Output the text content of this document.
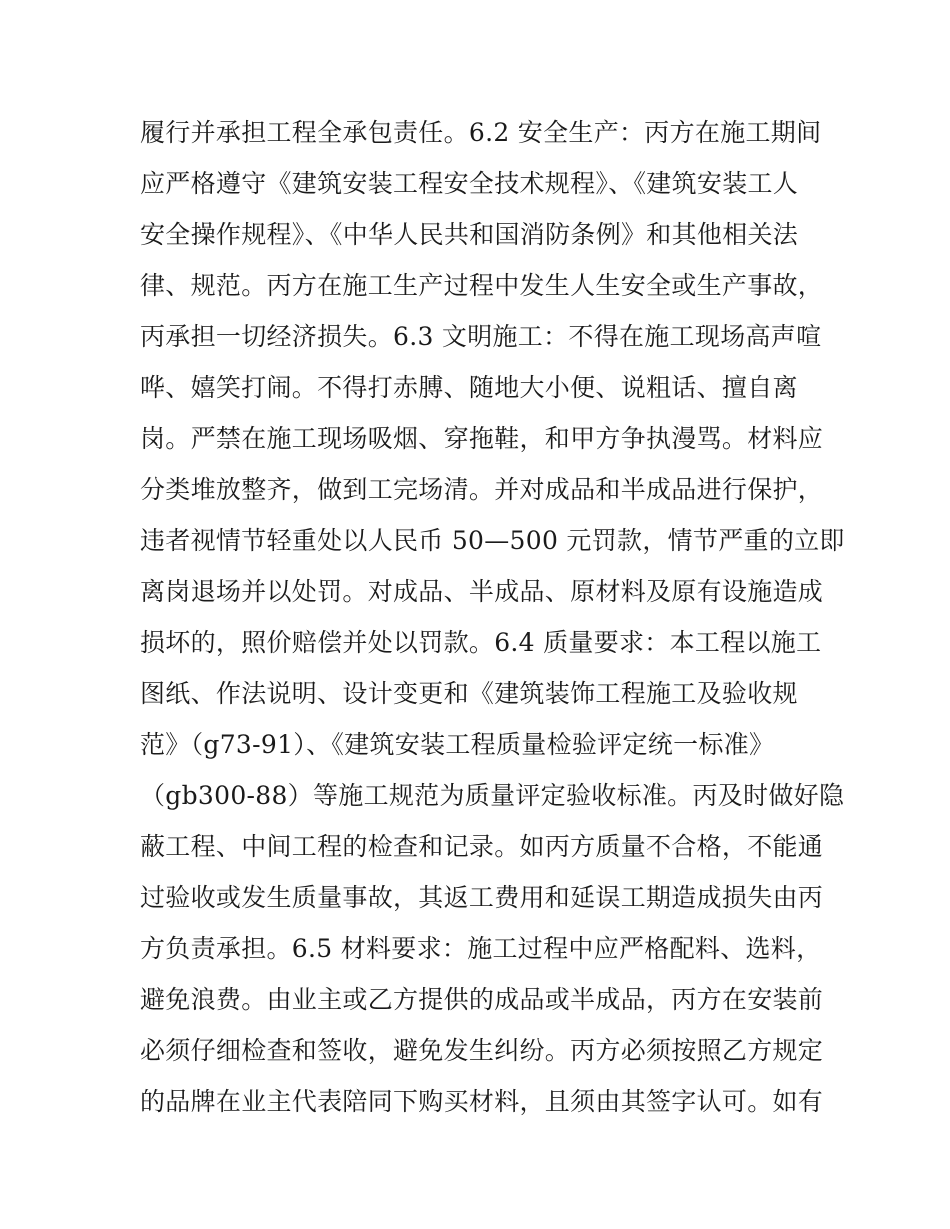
履行并承担工程全承包责任。6.2 安全生产：丙方在施工期间
应严格遵守《建筑安装工程安全技术规程》、《建筑安装工人
安全操作规程》、《中华人民共和国消防条例》和其他相关法
律、规范。丙方在施工生产过程中发生人生安全或生产事故，
丙承担一切经济损失。6.3 文明施工：不得在施工现场高声喧
哗、嬉笑打闹。不得打赤膊、随地大小便、说粗话、擅自离
岗。严禁在施工现场吸烟、穿拖鞋，和甲方争执漫骂。材料应
分类堆放整齐，做到工完场清。并对成品和半成品进行保护，
违者视情节轻重处以人民币 50—500 元罚款，情节严重的立即
离岗退场并以处罚。对成品、半成品、原材料及原有设施造成
损坏的，照价赔偿并处以罚款。6.4 质量要求：本工程以施工
图纸、作法说明、设计变更和《建筑装饰工程施工及验收规
范》（g73-91）、《建筑安装工程质量检验评定统一标准》
（gb300-88）等施工规范为质量评定验收标准。丙及时做好隐
蔽工程、中间工程的检查和记录。如丙方质量不合格，不能通
过验收或发生质量事故，其返工费用和延误工期造成损失由丙
方负责承担。6.5 材料要求：施工过程中应严格配料、选料，
避免浪费。由业主或乙方提供的成品或半成品，丙方在安装前
必须仔细检查和签收，避免发生纠纷。丙方必须按照乙方规定
的品牌在业主代表陪同下购买材料，且须由其签字认可。如有
